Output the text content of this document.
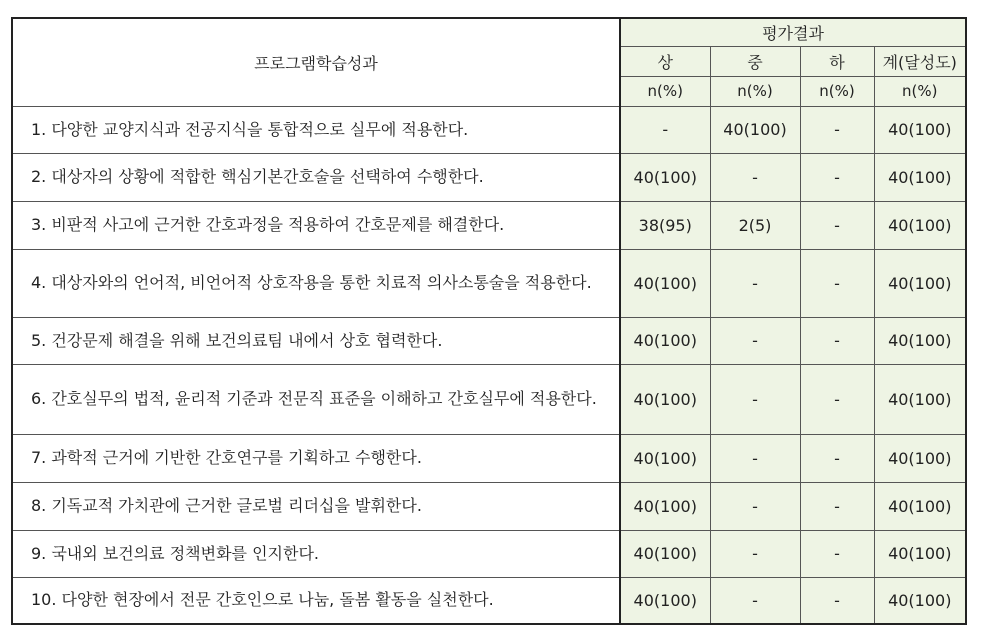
프로그램학습성과	평가결과			
	상	중	하	계(달성도)
	n(%)	n(%)	n(%)	n(%)
1. 다양한 교양지식과 전공지식을 통합적으로 실무에 적용한다.	-	40(100)	-	40(100)
2. 대상자의 상황에 적합한 핵심기본간호술을 선택하여 수행한다.	40(100)	-	-	40(100)
3. 비판적 사고에 근거한 간호과정을 적용하여 간호문제를 해결한다.	38(95)	2(5)	-	40(100)
4. 대상자와의 언어적, 비언어적 상호작용을 통한 치료적 의사소통술을 적용한다.	40(100)	-	-	40(100)
5. 건강문제 해결을 위해 보건의료팀 내에서 상호 협력한다.	40(100)	-	-	40(100)
6. 간호실무의 법적, 윤리적 기준과 전문직 표준을 이해하고 간호실무에 적용한다.	40(100)	-	-	40(100)
7. 과학적 근거에 기반한 간호연구를 기획하고 수행한다.	40(100)	-	-	40(100)
8. 기독교적 가치관에 근거한 글로벌 리더십을 발휘한다.	40(100)	-	-	40(100)
9. 국내외 보건의료 정책변화를 인지한다.	40(100)	-	-	40(100)
10. 다양한 현장에서 전문 간호인으로 나눔, 돌봄 활동을 실천한다.	40(100)	-	-	40(100)
